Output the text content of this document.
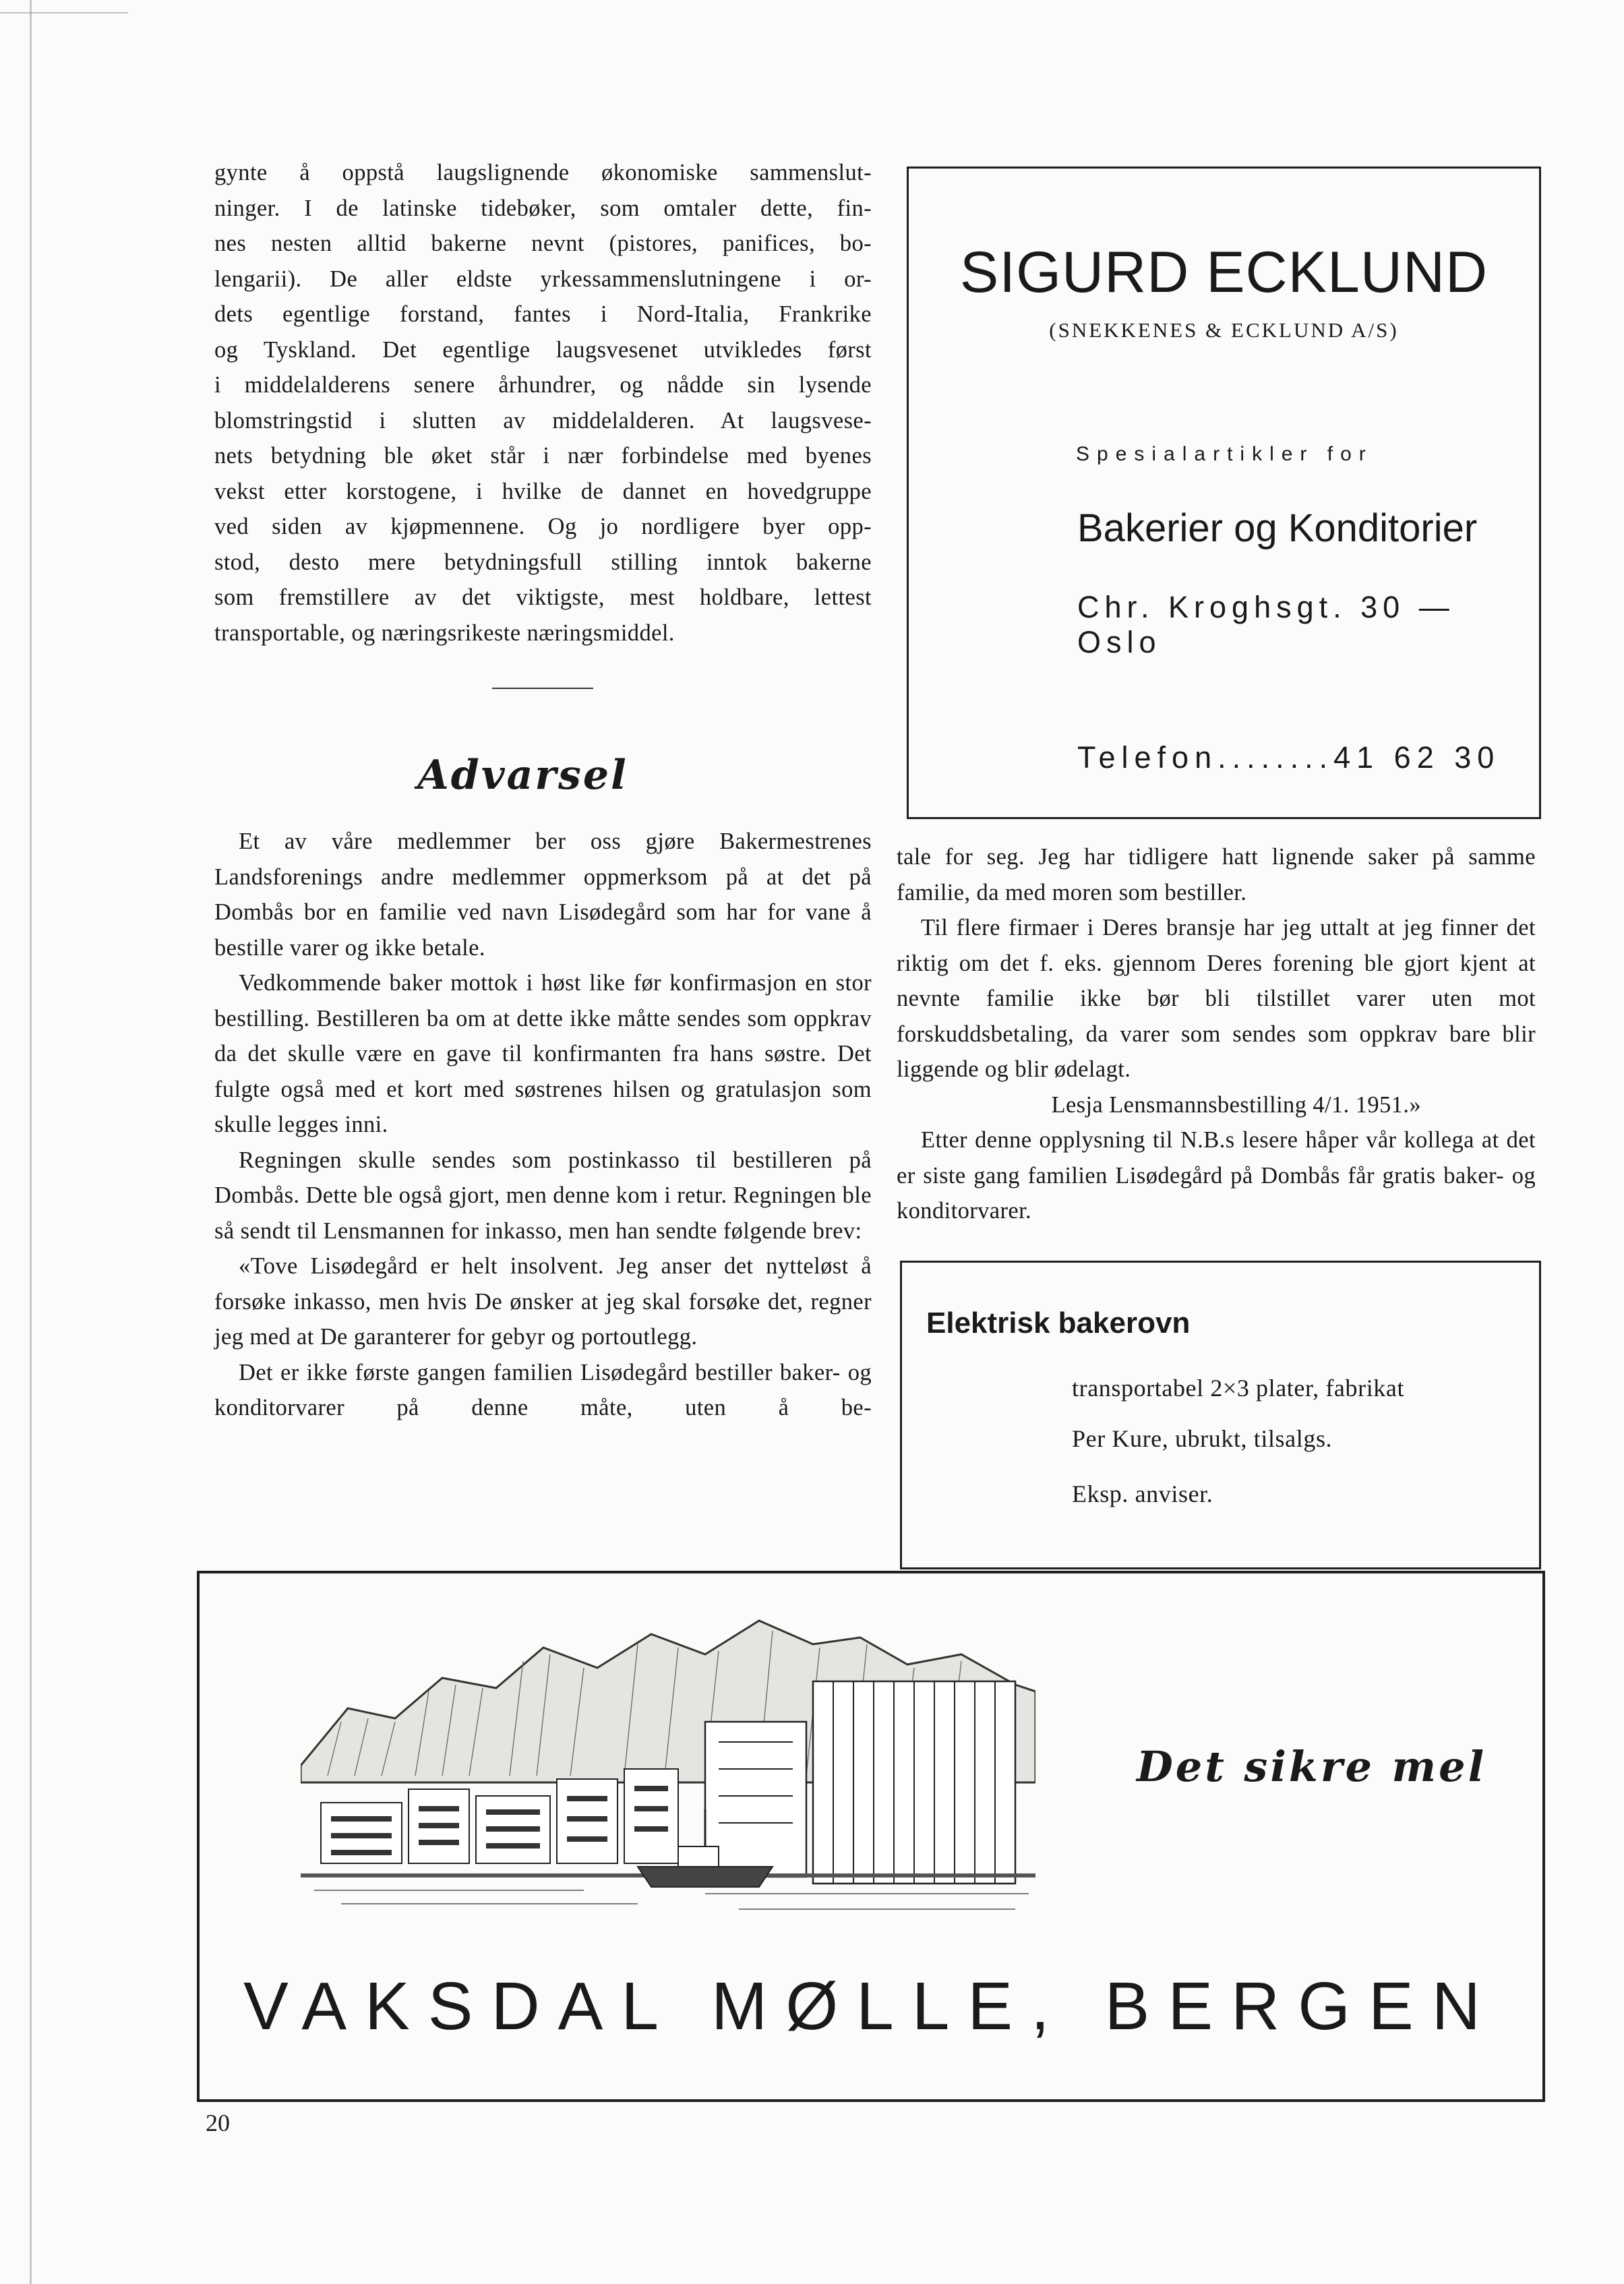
gynte å oppstå laugslignende økonomiske sammenslut-
ninger. I de latinske tidebøker, som omtaler dette, fin-
nes nesten alltid bakerne nevnt (pistores, panifices, bo-
lengarii). De aller eldste yrkessammenslutningene i or-
dets egentlige forstand, fantes i Nord-Italia, Frankrike
og Tyskland. Det egentlige laugsvesenet utvikledes først
i middelalderens senere århundrer, og nådde sin lysende
blomstringstid i slutten av middelalderen. At laugsvese-
nets betydning ble øket står i nær forbindelse med byenes
vekst etter korstogene, i hvilke de dannet en hovedgruppe
ved siden av kjøpmennene. Og jo nordligere byer opp-
stod, desto mere betydningsfull stilling inntok bakerne
som fremstillere av det viktigste, mest holdbare, lettest
transportable, og næringsrikeste næringsmiddel.
Advarsel

Et av våre medlemmer ber oss gjøre Bakermestrenes Landsforenings andre medlemmer oppmerksom på at det på Dombås bor en familie ved navn Lisødegård som har for vane å bestille varer og ikke betale.

Vedkommende baker mottok i høst like før konfirmasjon en stor bestilling. Bestilleren ba om at dette ikke måtte sendes som oppkrav da det skulle være en gave til konfirmanten fra hans søstre. Det fulgte også med et kort med søstrenes hilsen og gratulasjon som skulle legges inni.

Regningen skulle sendes som postinkasso til bestilleren på Dombås. Dette ble også gjort, men denne kom i retur. Regningen ble så sendt til Lensmannen for inkasso, men han sendte følgende brev:

«Tove Lisødegård er helt insolvent. Jeg anser det nytteløst å forsøke inkasso, men hvis De ønsker at jeg skal forsøke det, regner jeg med at De garanterer for gebyr og portoutlegg.

Det er ikke første gangen familien Lisødegård bestiller baker- og konditorvarer på denne måte, uten å be-

SIGURD ECKLUND
(SNEKKENES & ECKLUND A/S)
Spesialartikler for
Bakerier og Konditorier
Chr. Kroghsgt. 30 — Oslo
Telefon........41 62 30

tale for seg. Jeg har tidligere hatt lignende saker på samme familie, da med moren som bestiller.

Til flere firmaer i Deres bransje har jeg uttalt at jeg finner det riktig om det f. eks. gjennom Deres forening ble gjort kjent at nevnte familie ikke bør bli tilstillet varer uten mot forskuddsbetaling, da varer som sendes som oppkrav bare blir liggende og blir ødelagt.

Lesja Lensmannsbestilling 4/1. 1951.»

Etter denne opplysning til N.B.s lesere håper vår kollega at det er siste gang familien Lisødegård på Dombås får gratis baker- og konditorvarer.

Elektrisk bakerovn
transportabel 2×3 plater, fabrikat
Per Kure, ubrukt, tilsalgs.
Eksp. anviser.
Det sikre mel
VAKSDAL MØLLE, BERGEN
20
